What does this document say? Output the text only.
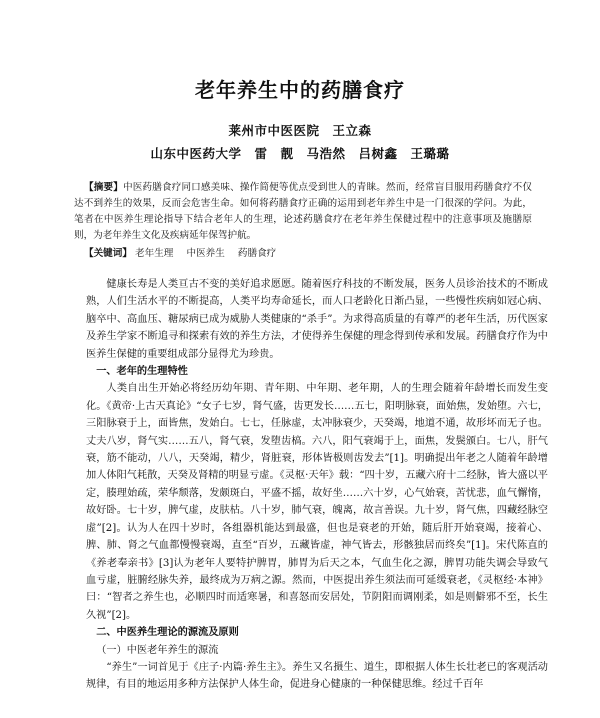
老年养生中的药膳食疗
莱州市中医医院　王立森
山东中医药大学　雷　靓　马浩然　吕树鑫　王璐璐
【摘要】中医药膳食疗同口感美味、操作简便等优点受到世人的青睐。然而，经常盲目服用药膳食疗不仅达不到养生的效果，反而会危害生命。如何将药膳食疗正确的运用到老年养生中是一门很深的学问。为此，笔者在中医养生理论指导下结合老年人的生理，论述药膳食疗在老年养生保健过程中的注意事项及施膳原则，为老年养生文化及疾病延年保驾护航。
【关键词】 老年生理 中医养生 药膳食疗

健康长寿是人类亘古不变的美好追求愿愿。随着医疗科技的不断发展，医务人员诊治技术的不断成熟，人们生活水平的不断提高，人类平均寿命延长，而人口老龄化日渐凸显，一些慢性疾病如冠心病、脑卒中、高血压、糖尿病已成为威胁人类健康的“杀手”。为求得高质量的有尊严的老年生活，历代医家及养生学家不断追寻和探索有效的养生方法，才使得养生保健的理念得到传承和发展。药膳食疗作为中医养生保健的重要组成部分显得尤为珍贵。

一、老年的生理特性

人类自出生开始必将经历幼年期、青年期、中年期、老年期，人的生理会随着年龄增长而发生变化。《黄帝·上古天真论》“女子七岁，肾气盛，齿更发长……五七，阳明脉衰，面始焦，发始堕。六七，三阳脉衰于上，面皆焦，发始白。七七，任脉虚，太冲脉衰少，天癸竭，地道不通，故形坏而无子也。丈夫八岁，肾气实……五八，肾气衰，发堕齿槁。六八，阳气衰竭于上，面焦，发鬓颁白。七八，肝气衰，筋不能动，八八，天癸竭，精少，肾脏衰，形体皆极则齿发去”[1]。明确提出年老之人随着年龄增加人体阳气耗散，天癸及肾精的明显亏虚。《灵枢·天年》载：“四十岁，五藏六府十二经脉，皆大盛以平定，腠理始疏，荣华颓落，发颇斑白，平盛不摇，故好坐……六十岁，心气始衰，苦忧悲，血气懈惰，故好卧。七十岁，脾气虚，皮肤枯。八十岁，肺气衰，魄离，故言善误。九十岁，肾气焦，四藏经脉空虚”[2]。认为人在四十岁时，各组器机能达到最盛，但也是衰老的开始，随后肝开始衰竭，接着心、脾、肺、肾之气血都慢慢衰竭，直至“百岁，五藏皆虚，神气皆去，形骸独居而终矣”[1]。宋代陈直的《养老奉亲书》[3]认为老年人要特护脾胃，肺胃为后天之本，气血生化之源，脾胃功能失调会导致气血亏虚，脏腑经脉失养，最终成为万病之源。然而，中医提出养生须法而可延缓衰老，《灵枢经·本神》曰：“智者之养生也，必顺四时而适寒暑，和喜怒而安居处，节阴阳而调刚柔，如是则僻邪不至，长生久视”[2]。

二、中医养生理论的源流及原则

（一）中医老年养生的源流

“养生”一词首见于《庄子·内篇·养生主》。养生又名摄生、道生，即根据人体生长壮老已的客观活动规律，有目的地运用多种方法保护人体生命，促进身心健康的一种保健思维。经过千百年
